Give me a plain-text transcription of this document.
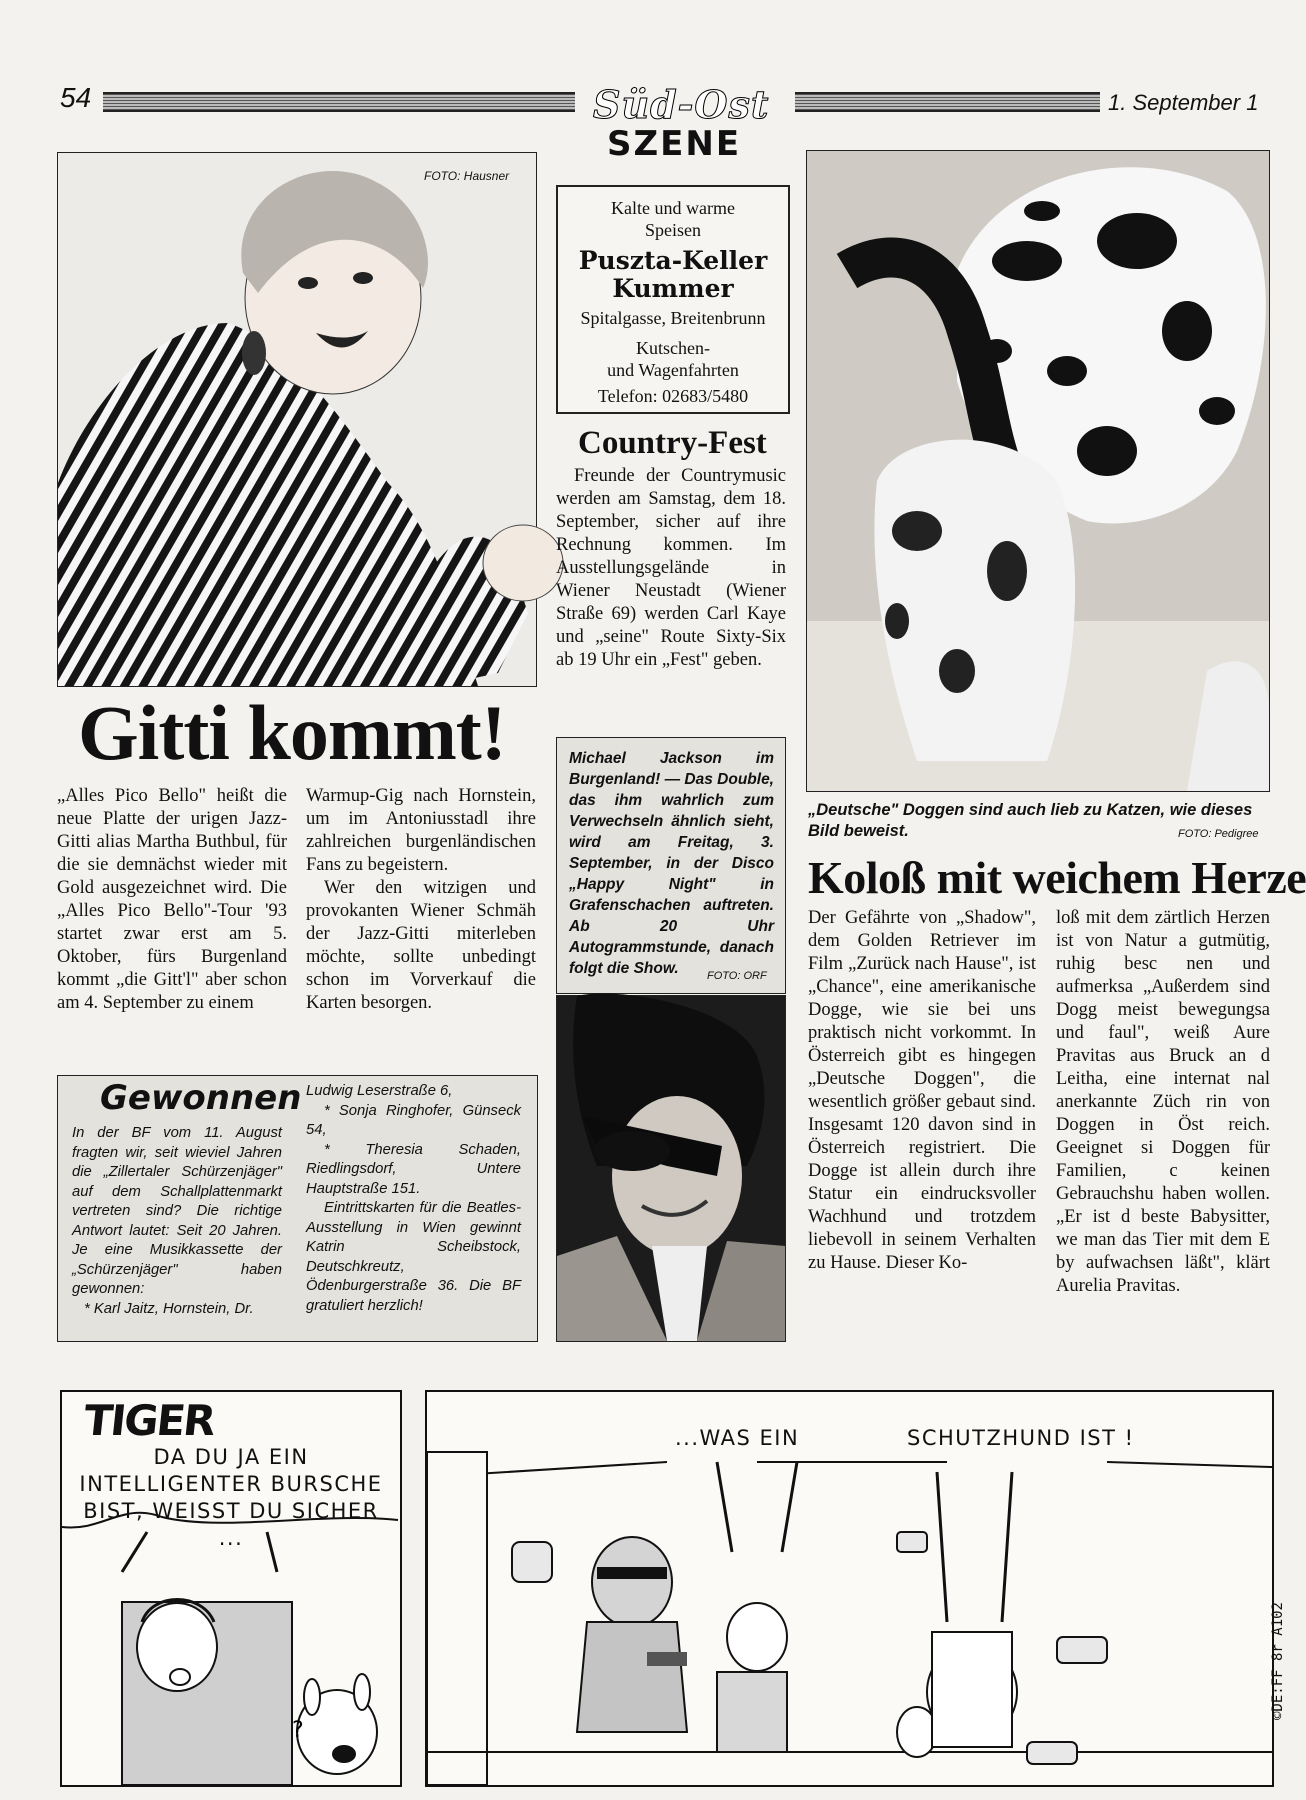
54	Süd-Ost
SZENE
1. September 1
FOTO: Hausner
Gitti kommt!

„Alles Pico Bello" heißt die neue Platte der urigen Jazz-Gitti alias Martha Buthbul, für die sie demnächst wieder mit Gold ausgezeichnet wird. Die „Alles Pico Bello"-Tour '93 startet zwar erst am 5. Oktober, fürs Burgenland kommt „die Gitt'l" aber schon am 4. September zu einem

Warmup-Gig nach Hornstein, um im Antoniusstadl ihre zahlreichen burgenländischen Fans zu begeistern.

Wer den witzigen und provokanten Wiener Schmäh der Jazz-Gitti miterleben möchte, sollte unbedingt schon im Vorverkauf die Karten besorgen.

Gewonnen
In der BF vom 11. August fragten wir, seit wieviel Jahren die „Zillertaler Schürzenjäger" auf dem Schallplattenmarkt vertreten sind? Die richtige Antwort lautet: Seit 20 Jahren. Je eine Musikkassette der „Schürzenjäger" haben gewonnen:
* Karl Jaitz, Hornstein, Dr.
Ludwig Leserstraße 6,
* Sonja Ringhofer, Günseck 54,
* Theresia Schaden, Riedlingsdorf, Untere Hauptstraße 151.
Eintrittskarten für die Beatles-Ausstellung in Wien gewinnt Katrin Scheibstock, Deutschkreutz, Ödenburgerstraße 36. Die BF gratuliert herzlich!
Kalte und warme
Speisen
Puszta-Keller
Kummer
Spitalgasse, Breitenbrunn
Kutschen-
und Wagenfahrten
Telefon: 02683/5480
Country-Fest

Freunde der Countrymusic werden am Samstag, dem 18. September, sicher auf ihre Rechnung kommen. Im Ausstellungsgelände in Wiener Neustadt (Wiener Straße 69) werden Carl Kaye und „seine" Route Sixty-Six ab 19 Uhr ein „Fest" geben.

Michael Jackson im Burgenland! — Das Double, das ihm wahrlich zum Verwechseln ähnlich sieht, wird am Freitag, 3. September, in der Disco „Happy Night" in Grafenschachen auftreten. Ab 20 Uhr Autogrammstunde, danach folgt die Show.	FOTO: ORF
„Deutsche" Doggen sind auch lieb zu Katzen, wie dieses Bild beweist.	FOTO: Pedigree
Koloß mit weichem Herze

Der Gefährte von „Shadow", dem Golden Retriever im Film „Zurück nach Hause", ist „Chance", eine amerikanische Dogge, wie sie bei uns praktisch nicht vorkommt. In Österreich gibt es hingegen „Deutsche Doggen", die wesentlich größer gebaut sind. Insgesamt 120 davon sind in Österreich registriert. Die Dogge ist allein durch ihre Statur ein eindrucksvoller Wachhund und trotzdem liebevoll in seinem Verhalten zu Hause. Dieser Ko-

loß mit dem zärtlich Herzen ist von Natur a gutmütig, ruhig besc nen und aufmerksa „Außerdem sind Dogg meist bewegungsa und faul", weiß Aure Pravitas aus Bruck an d Leitha, eine internat nal anerkannte Züch rin von Doggen in Öst reich. Geeignet si Doggen für Familien, c keinen Gebrauchshu haben wollen. „Er ist d beste Babysitter, we man das Tier mit dem E by aufwachsen läßt", klärt Aurelia Pravitas.

TIGER
DA DU JA EIN INTELLIGENTER BURSCHE BIST, WEISST DU SICHER ...
?
...WAS EIN	SCHUTZHUND IST !
©DE:FF 8r A102
